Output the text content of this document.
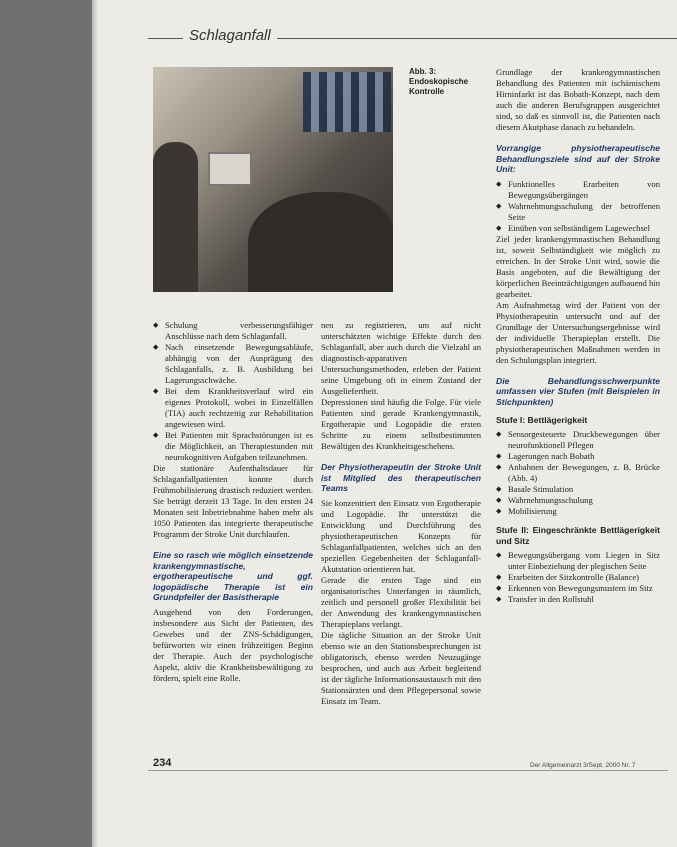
Schlaganfall
Abb. 3: Endoskopische Kontrolle
◆ Schulung verbesserungsfähiger Anschlüsse nach dem Schlaganfall.
◆ Nach einsetzende Bewegungsabläufe, abhängig von der Ausprägung des Schlaganfalls, z. B. Ausbildung bei Lagerungsschwäche.
◆ Bei dem Krankheitsverlauf wird ein eigenes Protokoll, wobei in Einzelfällen (TIA) auch rechtzeitig zur Rehabilitation angewiesen wird.
◆ Bei Patienten mit Sprachstörungen ist es die Möglichkeit, an Therapiestunden mit neurokognitiven Aufgaben teilzunehmen.

Die stationäre Aufenthaltsdauer für Schlaganfallpatienten konnte durch Frühmobilisierung drastisch reduziert werden. Sie beträgt derzeit 13 Tage. In den ersten 24 Monaten seit Inbetriebnahme haben mehr als 1050 Patienten das integrierte therapeutische Programm der Stroke Unit durchlaufen.

Eine so rasch wie möglich einsetzende krankengymnastische, ergotherapeutische und ggf. logopädische Therapie ist ein Grundpfeiler der Basistherapie

Ausgehend von den Forderungen, insbesondere aus Sicht der Patienten, des Gewebes und der ZNS-Schädigungen, befürworten wir einen frühzeitigen Beginn der Therapie. Auch der psychologische Aspekt, aktiv die Krankheitsbewältigung zu fördern, spielt eine Rolle.

nen zu registrieren, um auf nicht unterschätzten wichtige Effekte durch den Schlaganfall, aber auch durch die Vielzahl an diagnostisch-apparativen Untersuchungsmethoden, erleben der Patient seine Umgebung oft in einem Zustand der Ausgeliefertheit.

Depressionen sind häufig die Folge. Für viele Patienten sind gerade Krankengymnastik, Ergotherapie und Logopädie die ersten Schritte zu einem selbstbestimmten Bewältigen des Krankheitsgeschehens.

Der Physiotherapeutin der Stroke Unit ist Mitglied des therapeutischen Teams

Sie konzentriert den Einsatz von Ergotherapie und Logopädie. Ihr unterstützt die Entwicklung und Durchführung des physiotherapeutischen Konzepts für Schlaganfallpatienten, welches sich an den speziellen Gegebenheiten der Schlaganfall-Akutstation orientieren hat.

Gerade die ersten Tage sind ein organisatorisches Unterfangen in räumlich, zeitlich und personell großer Flexibilität bei der Anwendung des krankengymnastischen Therapieplans verlangt.

Die tägliche Situation an der Stroke Unit ebenso wie an den Stationsbesprechungen ist obligatorisch, ebenso werden Neuzugänge besprochen, und auch aus Arbeit begleitend ist der tägliche Informationsaustausch mit den Stationsärzten und dem Pflegepersonal sowie Einsatz im Team.

Grundlage der krankengymnastischen Behandlung des Patienten mit ischämischem Hirninfarkt ist das Bobath-Konzept, nach dem auch die anderen Berufsgruppen ausgerichtet sind, so daß es sinnvoll ist, die Patienten nach diesem Akutphase danach zu behandeln.

Vorrangige physiotherapeutische Behandlungsziele sind auf der Stroke Unit:
◆ Funktionelles Erarbeiten von Bewegungsübergängen
◆ Wahrnehmungsschulung der betroffenen Seite
◆ Einüben von selbständigem Lagewechsel

Ziel jeder krankengymnastischen Behandlung ist, soweit Selbständigkeit wie möglich zu erreichen. In der Stroke Unit wird, sowie die Basis angeboten, auf die Bewältigung der körperlichen Beeinträchtigungen aufbauend hin gearbeitet.

Am Aufnahmetag wird der Patient von der Physiotherapeutin untersucht und auf der Grundlage der Untersuchungsergebnisse wird der individuelle Therapieplan erstellt. Die physiotherapeutischen Maßnahmen werden in den Schulungsplan integriert.

Die Behandlungsschwerpunkte umfassen vier Stufen (mit Beispielen in Stichpunkten)
Stufe I: Bettlägerigkeit
◆ Sensorgesteuerte Druckbewegungen über neurofunktionell Pflegen
◆ Lagerungen nach Bobath
◆ Anbahnen der Bewegungen, z. B. Brücke (Abb. 4)
◆ Basale Stimulation
◆ Wahrnehmungsschulung
◆ Mobilisierung
Stufe II: Eingeschränkte Bettlägerigkeit und Sitz
◆ Bewegungsübergang vom Liegen in Sitz unter Einbeziehung der plegischen Seite
◆ Erarbeiten der Sitzkontrolle (Balance)
◆ Erkennen von Bewegungsmustern im Sitz
◆ Transfer in den Rollstuhl
234	Der Allgemeinarzt 3/Sept. 2000 Nr. 7
